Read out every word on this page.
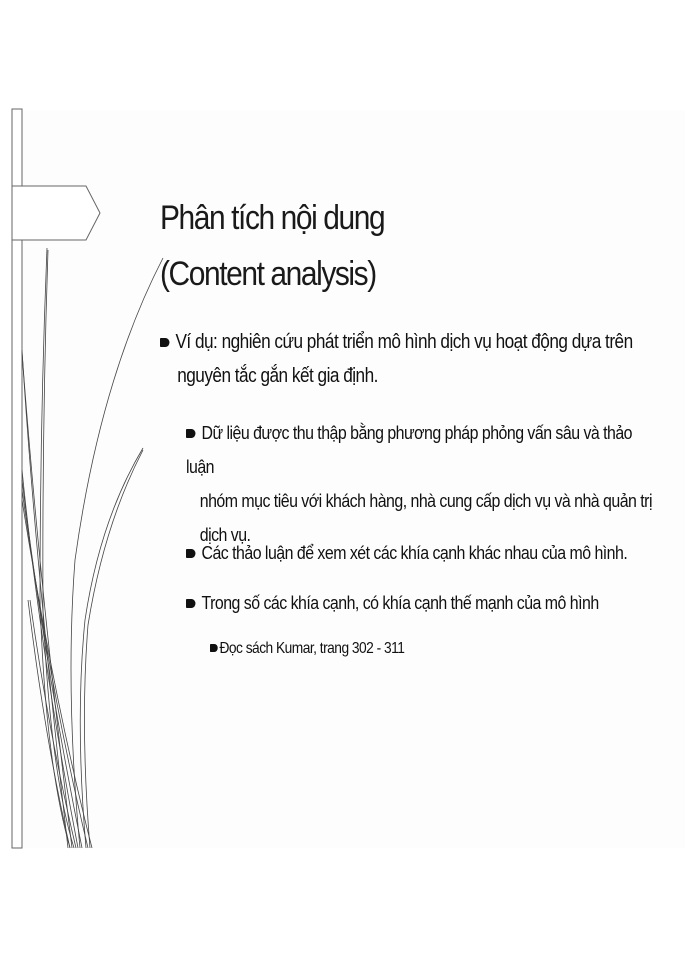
Phân tích nội dung
(Content analysis)
Ví dụ: nghiên cứu phát triển mô hình dịch vụ hoạt động dựa trên
nguyên tắc gắn kết gia định.
Dữ liệu được thu thập bằng phương pháp phỏng vấn sâu và thảo luận
nhóm mục tiêu với khách hàng, nhà cung cấp dịch vụ và nhà quản trị
dịch vụ.
Các thảo luận để xem xét các khía cạnh khác nhau của mô hình.
Trong số các khía cạnh, có khía cạnh thế mạnh của mô hình
Đọc sách Kumar, trang 302 - 311
